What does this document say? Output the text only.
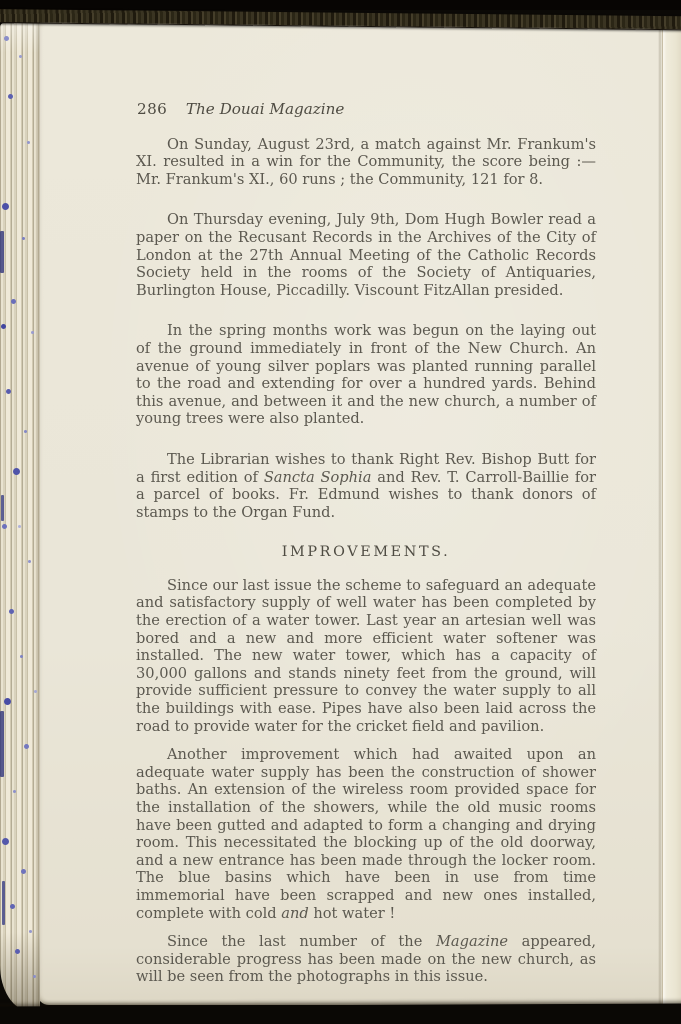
286 The Douai Magazine

On Sunday, August 23rd, a match against Mr. Frankum's XI. resulted in a win for the Community, the score being :— Mr. Frankum's XI., 60 runs ; the Community, 121 for 8.

On Thursday evening, July 9th, Dom Hugh Bowler read a paper on the Recusant Records in the Archives of the City of London at the 27th Annual Meeting of the Catholic Records Society held in the rooms of the Society of Antiquaries, Burlington House, Piccadilly. Viscount FitzAllan presided.

In the spring months work was begun on the laying out of the ground immediately in front of the New Church. An avenue of young silver poplars was planted running parallel to the road and extending for over a hundred yards. Behind this avenue, and between it and the new church, a number of young trees were also planted.

The Librarian wishes to thank Right Rev. Bishop Butt for a first edition of Sancta Sophia and Rev. T. Carroll-Baillie for a parcel of books. Fr. Edmund wishes to thank donors of stamps to the Organ Fund.

IMPROVEMENTS.

Since our last issue the scheme to safeguard an adequate and satisfactory supply of well water has been completed by the erection of a water tower. Last year an artesian well was bored and a new and more efficient water softener was installed. The new water tower, which has a capacity of 30,000 gallons and stands ninety feet from the ground, will provide sufficient pressure to convey the water supply to all the buildings with ease. Pipes have also been laid across the road to provide water for the cricket field and pavilion.

Another improvement which had awaited upon an adequate water supply has been the construction of shower baths. An extension of the wireless room provided space for the installation of the showers, while the old music rooms have been gutted and adapted to form a changing and drying room. This necessitated the blocking up of the old doorway, and a new entrance has been made through the locker room. The blue basins which have been in use from time immemorial have been scrapped and new ones installed, complete with cold and hot water !

Since the last number of the Magazine appeared, considerable progress has been made on the new church, as will be seen from the photographs in this issue.
